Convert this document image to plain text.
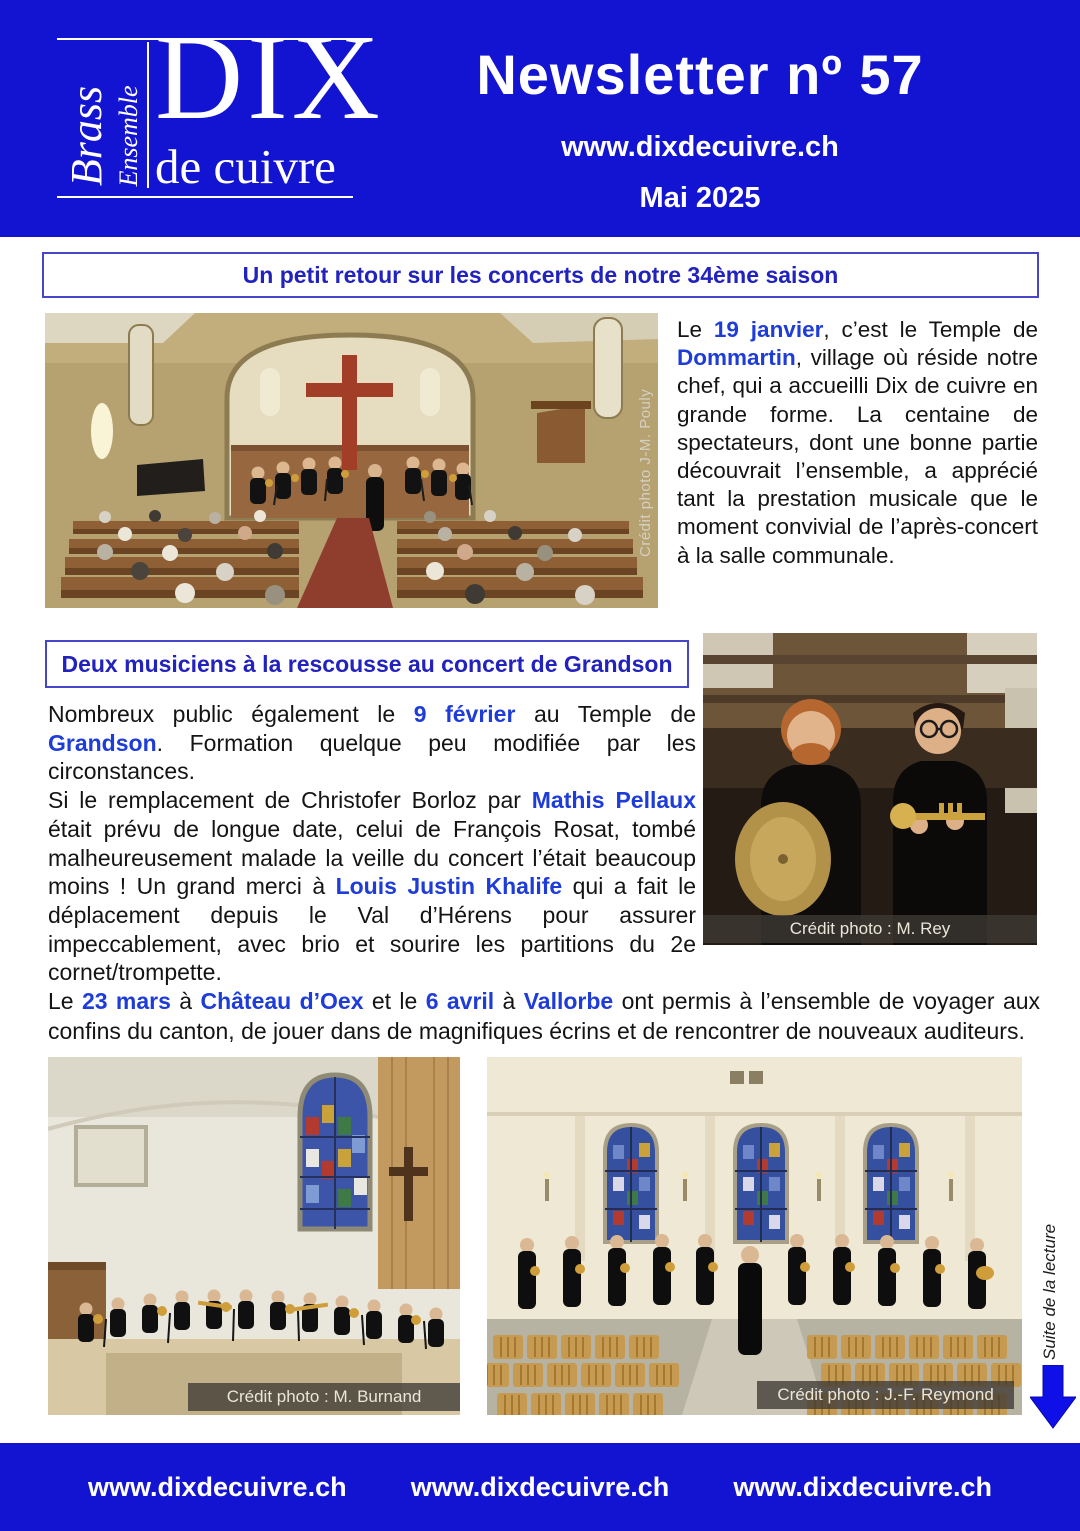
Brass Ensemble DIX
de cuivre
Newsletter nº 57
www.dixdecuivre.ch
Mai 2025
Un petit retour sur les concerts de notre 34ème saison
Crédit photo J-M. Pouly

Le 19 janvier, c’est le Temple de Dommartin, village où réside notre chef, qui a accueilli Dix de cuivre en grande forme. La centaine de spectateurs, dont une bonne partie découvrait l’ensemble, a apprécié tant la prestation musicale que le moment convivial de l’après-concert à la salle communale.

Deux musiciens à la rescousse au concert de Grandson
Crédit photo : M. Rey

Nombreux public également le 9 février au Temple de Grandson. Formation quelque peu modifiée par les circonstances.

Si le remplacement de Christofer Borloz par Mathis Pellaux était prévu de longue date, celui de François Rosat, tombé malheureusement malade la veille du concert l’était beaucoup moins ! Un grand merci à Louis Justin Khalife qui a fait le déplacement depuis le Val d’Hérens pour assurer impeccablement, avec brio et sourire les partitions du 2e cornet/trompette.

Le 23 mars à Château d’Oex et le 6 avril à Vallorbe ont permis à l’ensemble de voyager aux confins du canton, de jouer dans de magnifiques écrins et de rencontrer de nouveaux auditeurs.

Crédit photo : M. Burnand	Crédit photo : J.-F. Reymond
Suite de la lecture
www.dixdecuivre.ch www.dixdecuivre.ch www.dixdecuivre.ch
